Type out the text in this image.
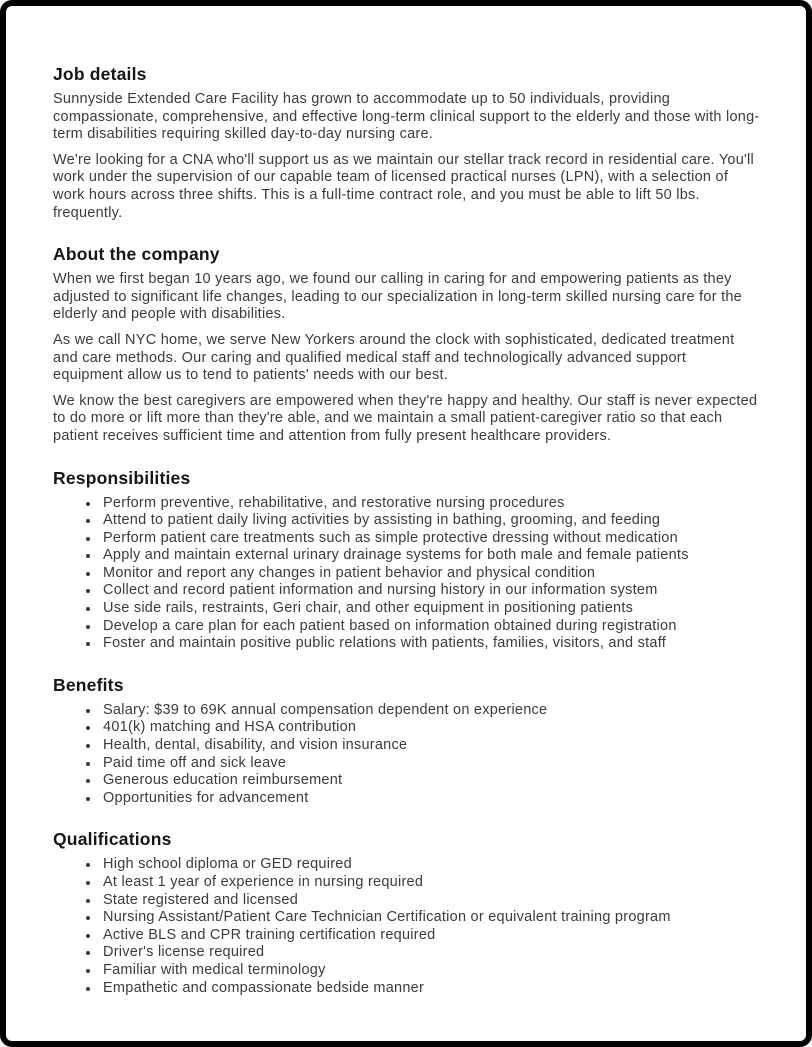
Job details

Sunnyside Extended Care Facility has grown to accommodate up to 50 individuals, providing compassionate, comprehensive, and effective long-term clinical support to the elderly and those with long-term disabilities requiring skilled day-to-day nursing care.

We're looking for a CNA who'll support us as we maintain our stellar track record in residential care. You'll work under the supervision of our capable team of licensed practical nurses (LPN), with a selection of work hours across three shifts. This is a full-time contract role, and you must be able to lift 50 lbs. frequently.

About the company

When we first began 10 years ago, we found our calling in caring for and empowering patients as they adjusted to significant life changes, leading to our specialization in long-term skilled nursing care for the elderly and people with disabilities.

As we call NYC home, we serve New Yorkers around the clock with sophisticated, dedicated treatment and care methods. Our caring and qualified medical staff and technologically advanced support equipment allow us to tend to patients' needs with our best.

We know the best caregivers are empowered when they're happy and healthy. Our staff is never expected to do more or lift more than they're able, and we maintain a small patient-caregiver ratio so that each patient receives sufficient time and attention from fully present healthcare providers.

Responsibilities
• Perform preventive, rehabilitative, and restorative nursing procedures
• Attend to patient daily living activities by assisting in bathing, grooming, and feeding
• Perform patient care treatments such as simple protective dressing without medication
• Apply and maintain external urinary drainage systems for both male and female patients
• Monitor and report any changes in patient behavior and physical condition
• Collect and record patient information and nursing history in our information system
• Use side rails, restraints, Geri chair, and other equipment in positioning patients
• Develop a care plan for each patient based on information obtained during registration
• Foster and maintain positive public relations with patients, families, visitors, and staff
Benefits
• Salary: $39 to 69K annual compensation dependent on experience
• 401(k) matching and HSA contribution
• Health, dental, disability, and vision insurance
• Paid time off and sick leave
• Generous education reimbursement
• Opportunities for advancement
Qualifications
• High school diploma or GED required
• At least 1 year of experience in nursing required
• State registered and licensed
• Nursing Assistant/Patient Care Technician Certification or equivalent training program
• Active BLS and CPR training certification required
• Driver's license required
• Familiar with medical terminology
• Empathetic and compassionate bedside manner
